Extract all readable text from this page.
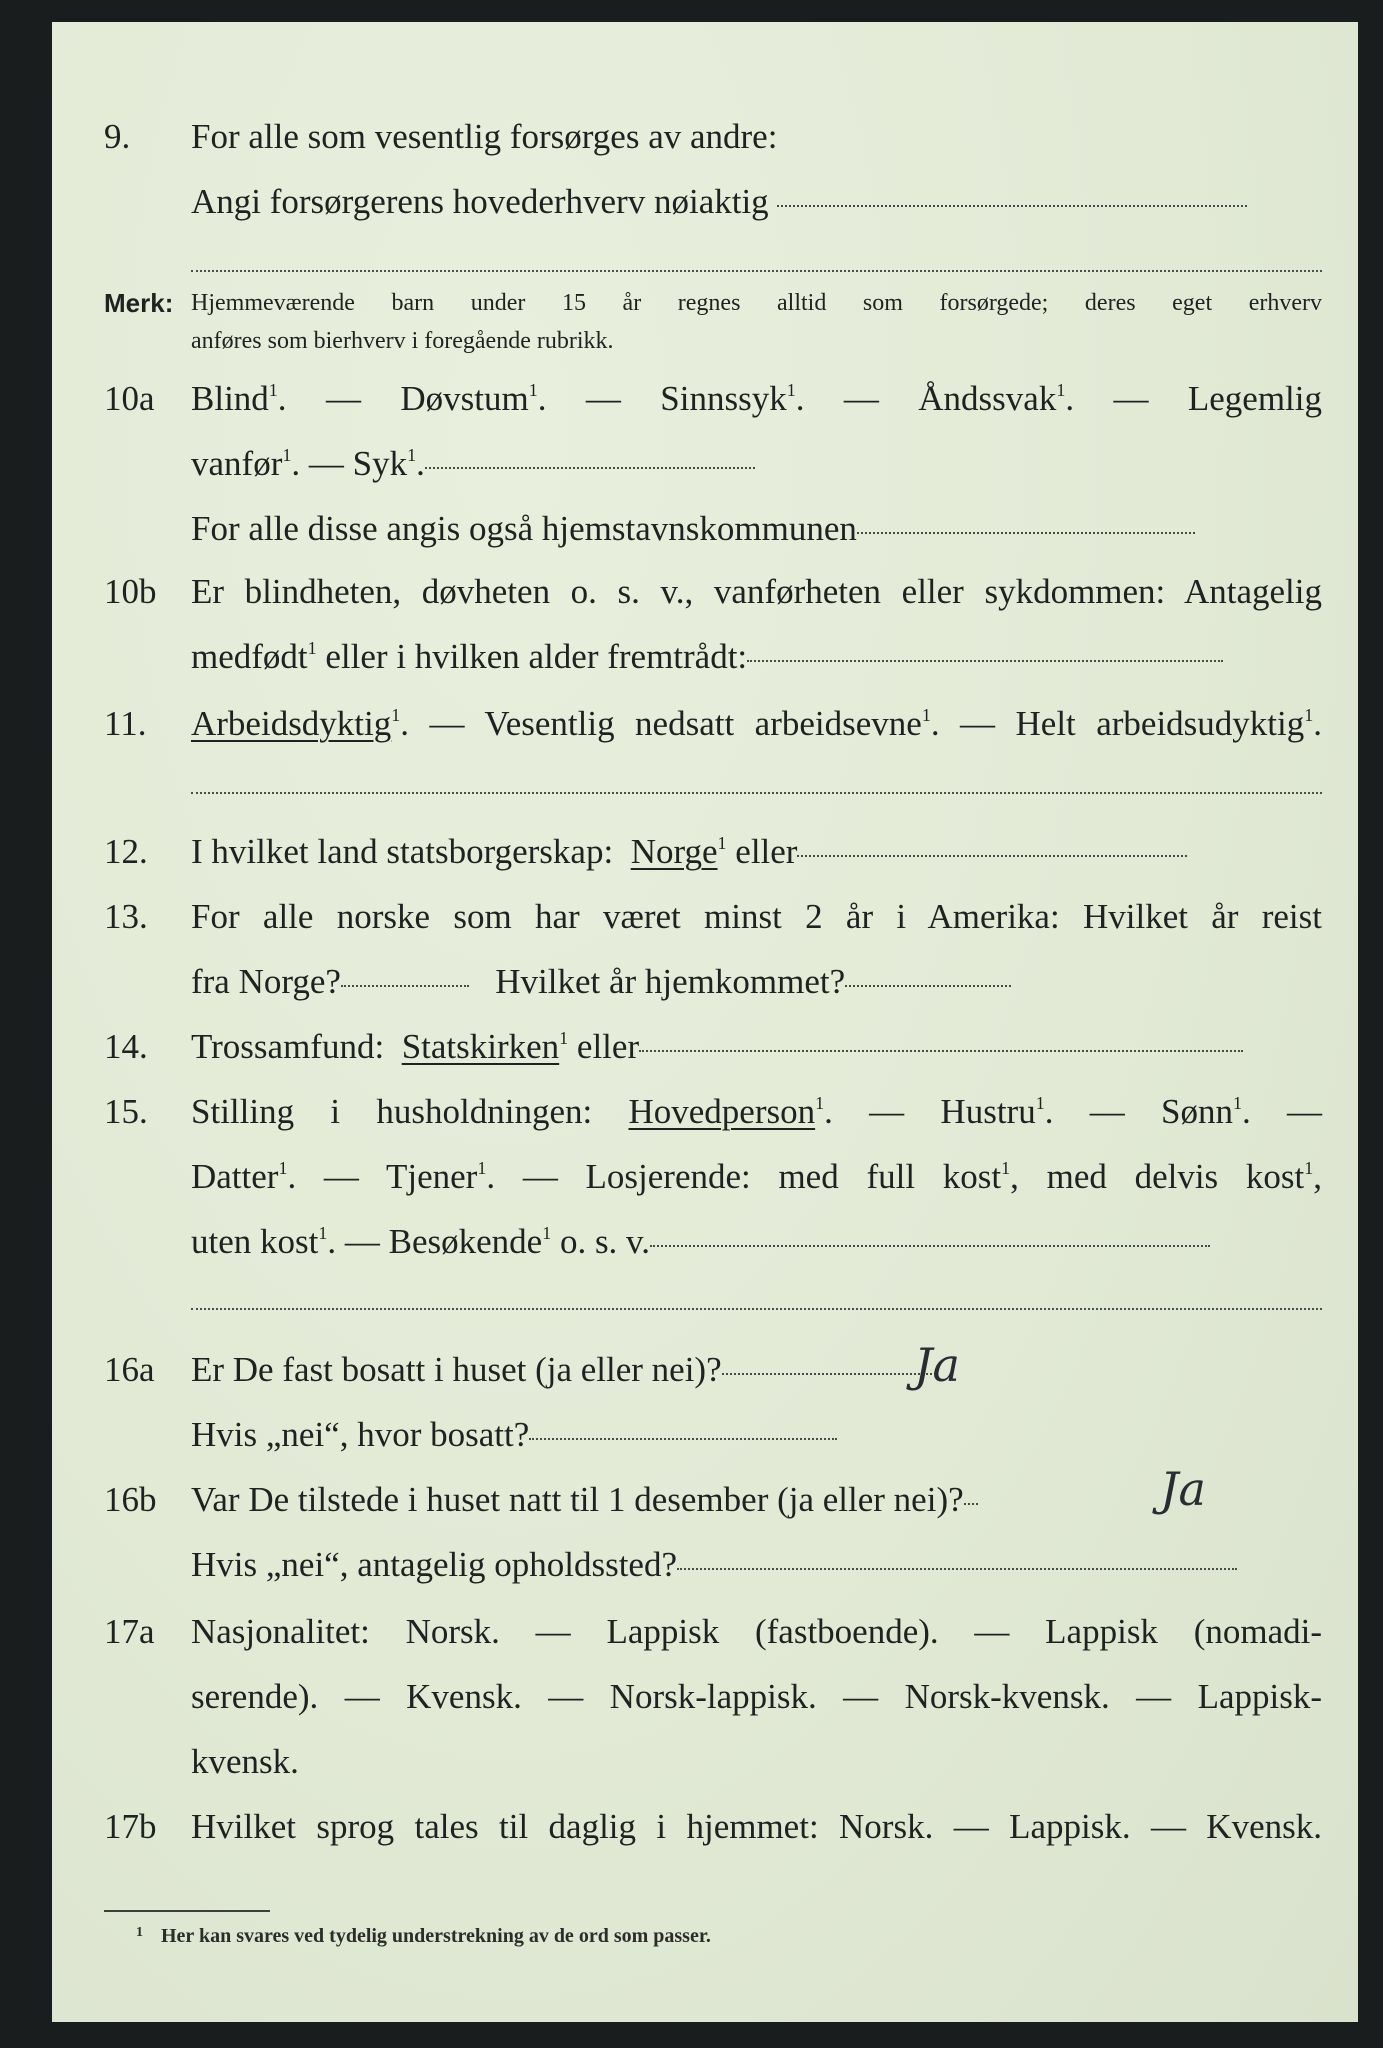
9. For alle som vesentlig forsørges av andre:
Angi forsørgerens hovederhverv nøiaktig
Merk: Hjemmeværende barn under 15 år regnes alltid som forsørgede; deres eget erhverv
anføres som bierhverv i foregående rubrikk.
10a Blind$^1$. — Døvstum$^1$. — Sinnssyk$^1$. — Åndssvak$^1$. — Legemlig
vanfør$^1$. — Syk$^1$.
For alle disse angis også hjemstavnskommunen
10b Er blindheten, døvheten o. s. v., vanførheten eller sykdommen: Antagelig
medfødt$^1$ eller i hvilken alder fremtrådt:
11. Arbeidsdyktig$^1$. — Vesentlig nedsatt arbeidsevne$^1$. — Helt arbeidsudyktig$^1$.
12. I hvilket land statsborgerskap: Norge$^1$ eller
13. For alle norske som har været minst 2 år i Amerika: Hvilket år reist
fra Norge?	Hvilket år hjemkommet?
14. Trossamfund: Statskirken$^1$ eller
15. Stilling i husholdningen: Hovedperson$^1$. — Hustru$^1$. — Sønn$^1$. —
Datter$^1$. — Tjener$^1$. — Losjerende: med full kost$^1$, med delvis kost$^1$,
uten kost$^1$. — Besøkende$^1$ o. s. v.
16a Er De fast bosatt i huset (ja eller nei)?	Ja
Hvis „nei“, hvor bosatt?
16b Var De tilstede i huset natt til 1 desember (ja eller nei)?	Ja
Hvis „nei“, antagelig opholdssted?
17a Nasjonalitet: Norsk. — Lappisk (fastboende). — Lappisk (nomadi-
serende). — Kvensk. — Norsk-lappisk. — Norsk-kvensk. — Lappisk-
kvensk.
17b Hvilket sprog tales til daglig i hjemmet: Norsk. — Lappisk. — Kvensk.
$^1$ Her kan svares ved tydelig understrekning av de ord som passer.
